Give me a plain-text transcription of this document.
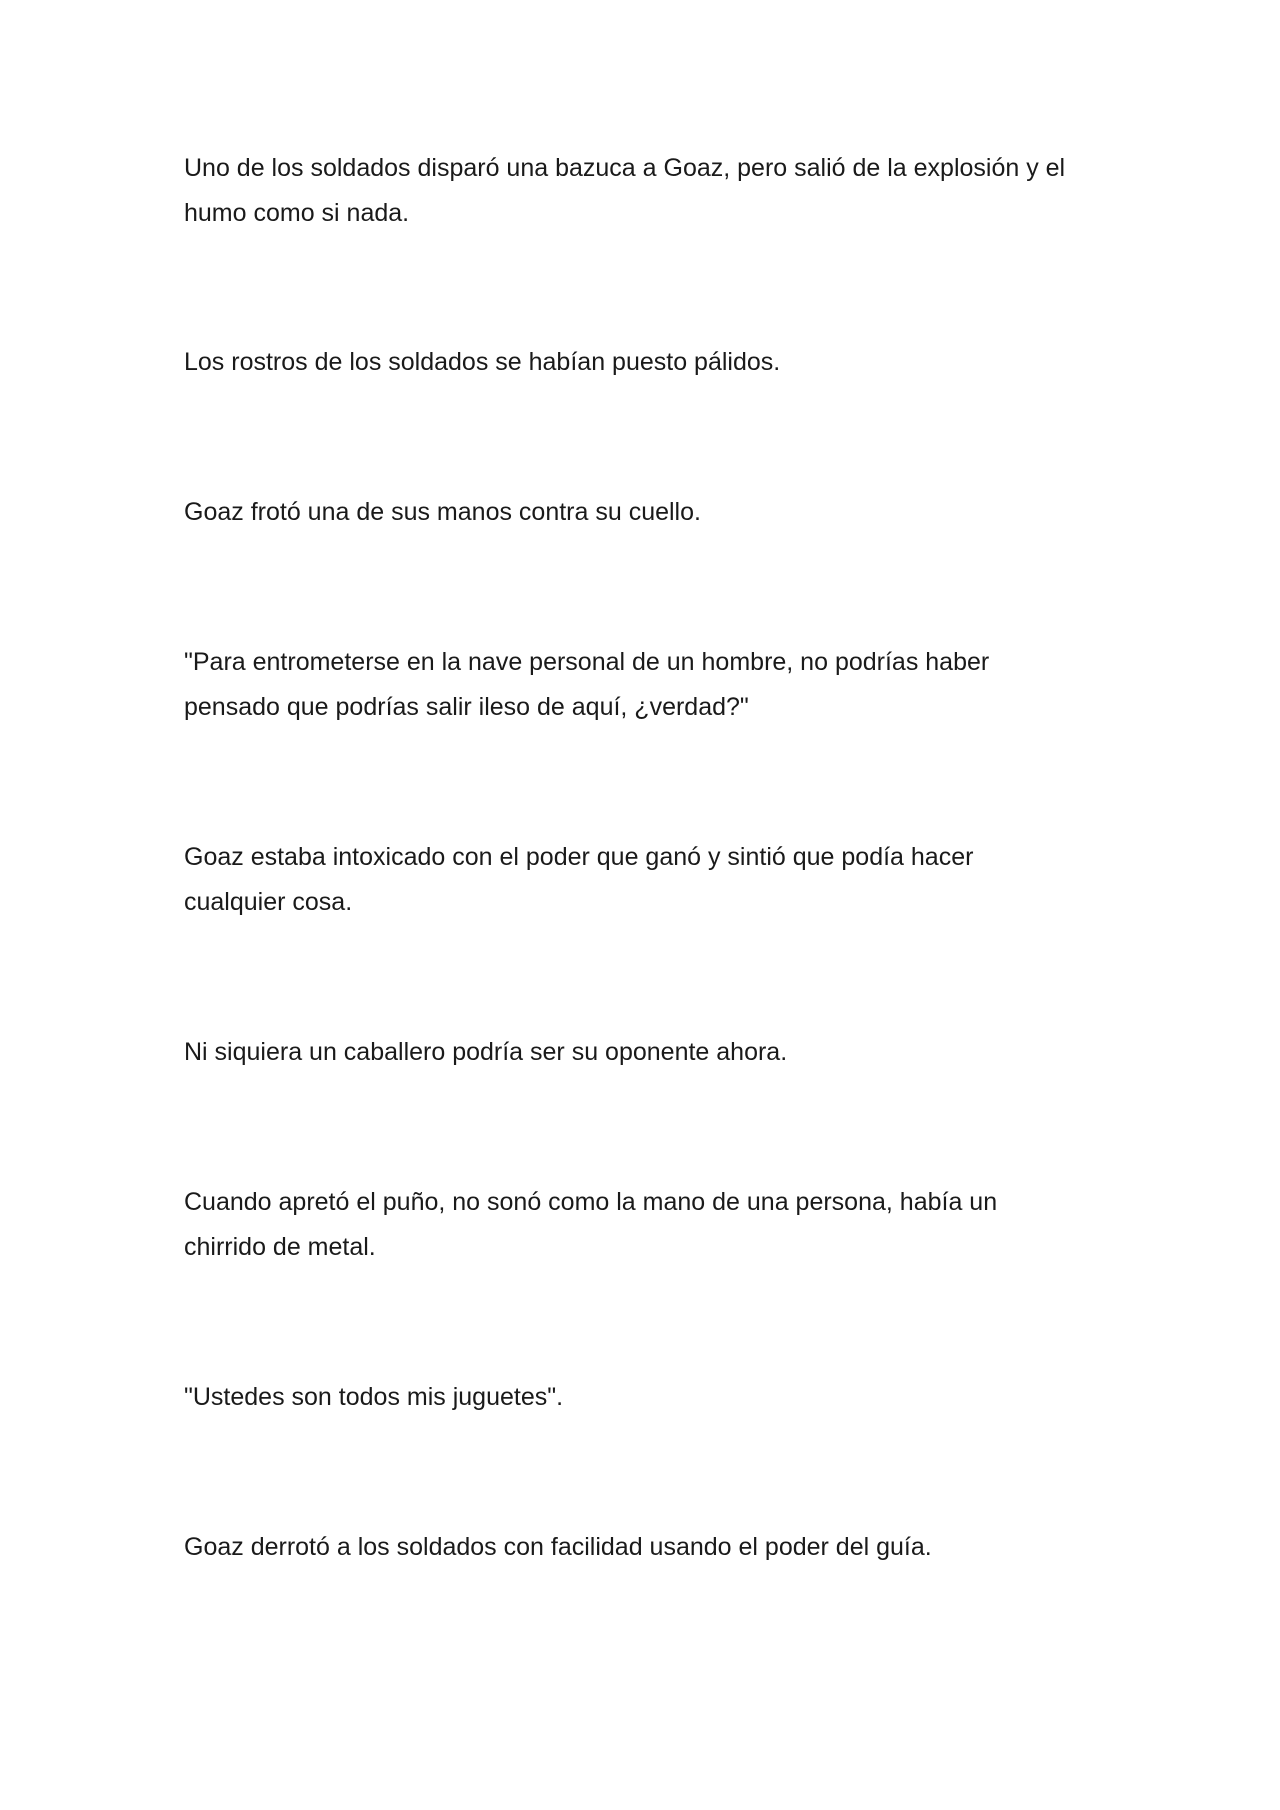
Uno de los soldados disparó una bazuca a Goaz, pero salió de la explosión y el
humo como si nada.

Los rostros de los soldados se habían puesto pálidos.

Goaz frotó una de sus manos contra su cuello.

"Para entrometerse en la nave personal de un hombre, no podrías haber
pensado que podrías salir ileso de aquí, ¿verdad?"

Goaz estaba intoxicado con el poder que ganó y sintió que podía hacer
cualquier cosa.

Ni siquiera un caballero podría ser su oponente ahora.

Cuando apretó el puño, no sonó como la mano de una persona, había un
chirrido de metal.

"Ustedes son todos mis juguetes".

Goaz derrotó a los soldados con facilidad usando el poder del guía.
